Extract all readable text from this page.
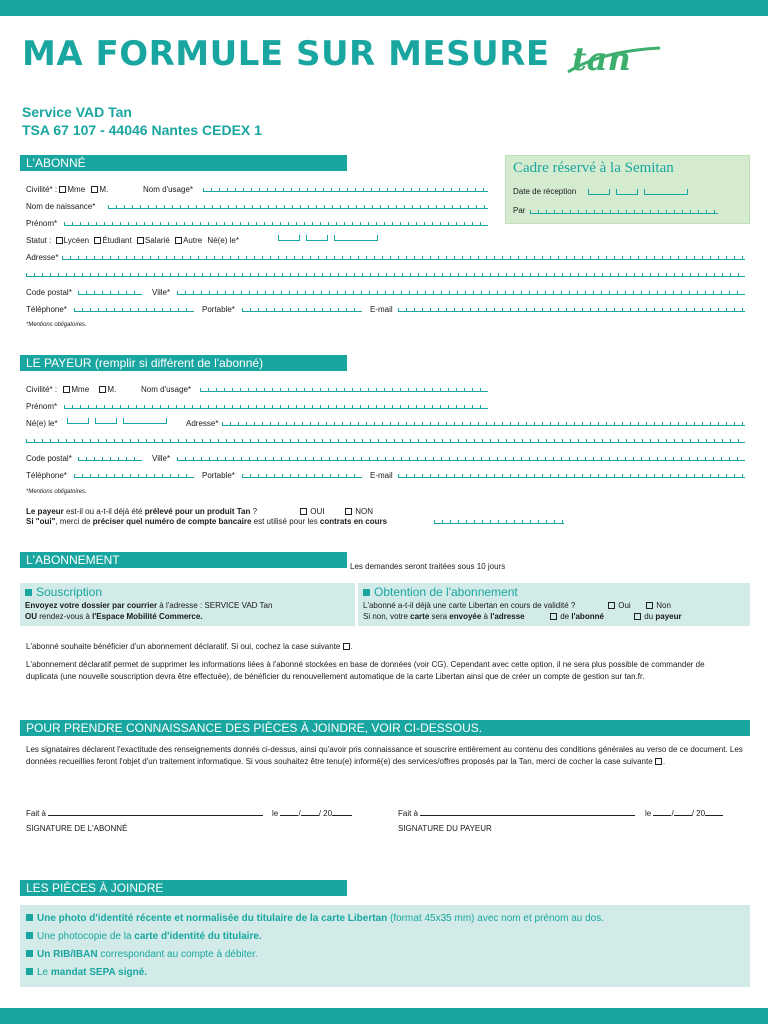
MA FORMULE SUR MESURE tan
Service VAD Tan
TSA 67 107 - 44046 Nantes CEDEX 1
Cadre réservé à la Semitan
Date de réception
Par
L'ABONNÉ
Civilité* : Mme M.	Nom d'usage*
Nom de naissance*
Prénom*
Statut : Lycéen Étudiant Salarié Autre Né(e) le*
Adresse*
Code postal*	Ville*
Téléphone*	Portable*	E-mail
*Mentions obligatoires.
LE PAYEUR (remplir si différent de l'abonné)
Civilité* : Mme M.	Nom d'usage*
Prénom*
Né(e) le*	Adresse*
Code postal*	Ville*
Téléphone*	Portable*	E-mail
*Mentions obligatoires.
Le payeur est-il ou a-t-il déjà été prélevé pour un produit Tan ?	OUI	NON
Si "oui", merci de préciser quel numéro de compte bancaire est utilisé pour les contrats en cours
L'ABONNEMENT	Les demandes seront traitées sous 10 jours
Souscription
Envoyez votre dossier par courrier à l'adresse : SERVICE VAD Tan
OU rendez-vous à l'Espace Mobilité Commerce.
Obtention de l'abonnement
L'abonné a-t-il déjà une carte Libertan en cours de validité ?	Oui	Non
Si non, votre carte sera envoyée à l'adresse	de l'abonné	du payeur
L'abonné souhaite bénéficier d'un abonnement déclaratif. Si oui, cochez la case suivante .
L'abonnement déclaratif permet de supprimer les informations liées à l'abonné stockées en base de données (voir CG). Cependant avec cette option, il ne sera plus possible de commander de duplicata (une nouvelle souscription devra être effectuée), de bénéficier du renouvellement automatique de la carte Libertan ainsi que de créer un compte de gestion sur tan.fr.
POUR PRENDRE CONNAISSANCE DES PIÈCES À JOINDRE, VOIR CI-DESSOUS.
Les signataires déclarent l'exactitude des renseignements donnés ci-dessus, ainsi qu'avoir pris connaissance et souscrire entièrement au contenu des conditions générales au verso de ce document. Les données recueillies feront l'objet d'un traitement informatique. Si vous souhaitez être tenu(e) informé(e) des services/offres proposés par la Tan, merci de cocher la case suivante .
Fait à	le	/ / 20
SIGNATURE DE L'ABONNÉ
Fait à	le	/ / 20
SIGNATURE DU PAYEUR
LES PIÈCES À JOINDRE
Une photo d'identité récente et normalisée du titulaire de la carte Libertan (format 45x35 mm) avec nom et prénom au dos.
Une photocopie de la carte d'identité du titulaire.
Un RIB/IBAN correspondant au compte à débiter.
Le mandat SEPA signé.
